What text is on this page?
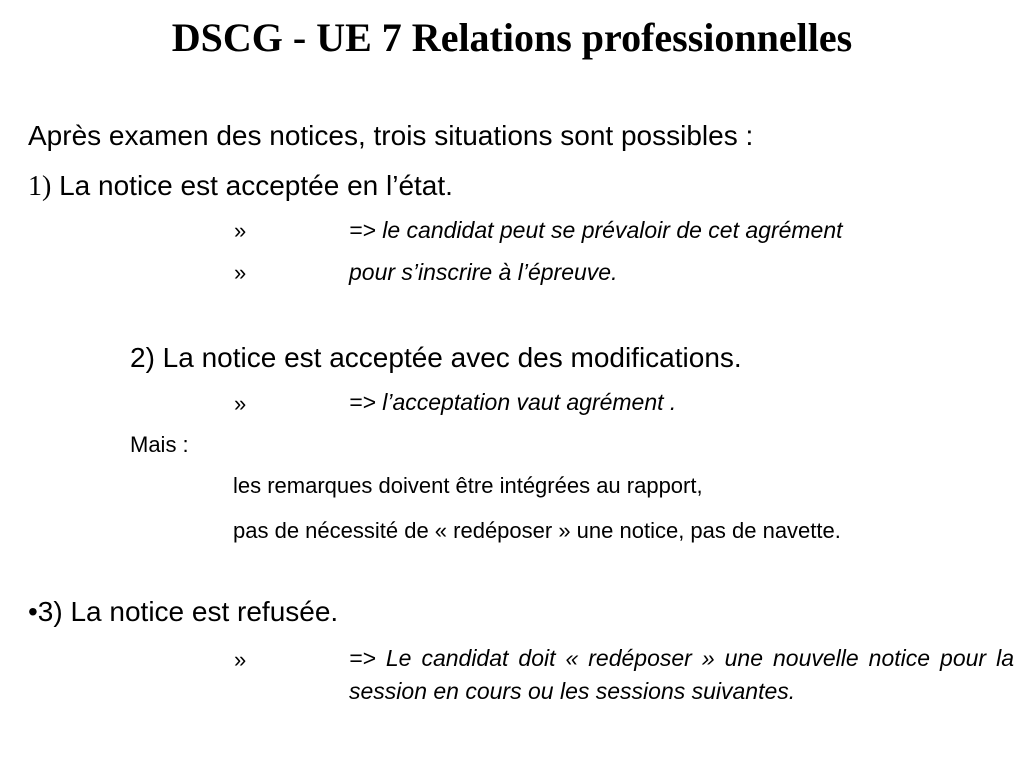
DSCG - UE 7 Relations professionnelles

Après examen des notices, trois situations sont possibles :

1) La notice est acceptée en l’état.

»	=> le candidat peut se prévaloir de cet agrément

»	pour s’inscrire à l’épreuve.

2) La notice est acceptée avec des modifications.

»	=> l’acceptation vaut agrément .

Mais :

les remarques doivent être intégrées au rapport,

pas de nécessité de « redéposer » une notice, pas de navette.

•3) La notice est refusée.

»	=> Le candidat doit « redéposer » une nouvelle notice pour la session en cours ou les sessions suivantes.
